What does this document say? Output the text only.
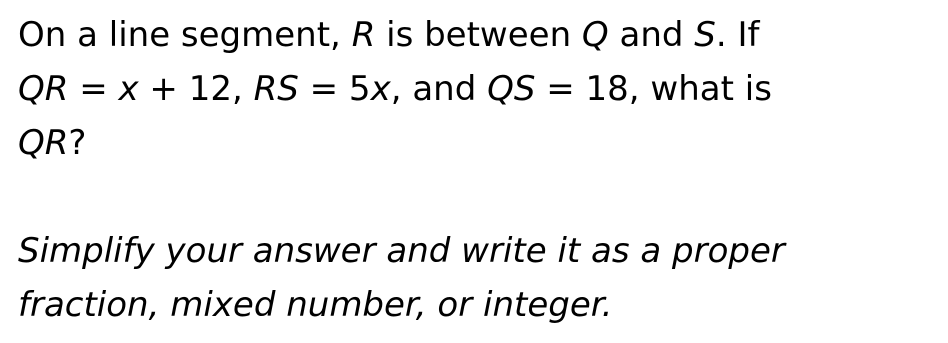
On a line segment, R is between Q and S. If
QR = x + 12, RS = 5x, and QS = 18, what is
QR?
Simplify your answer and write it as a proper
fraction, mixed number, or integer.
